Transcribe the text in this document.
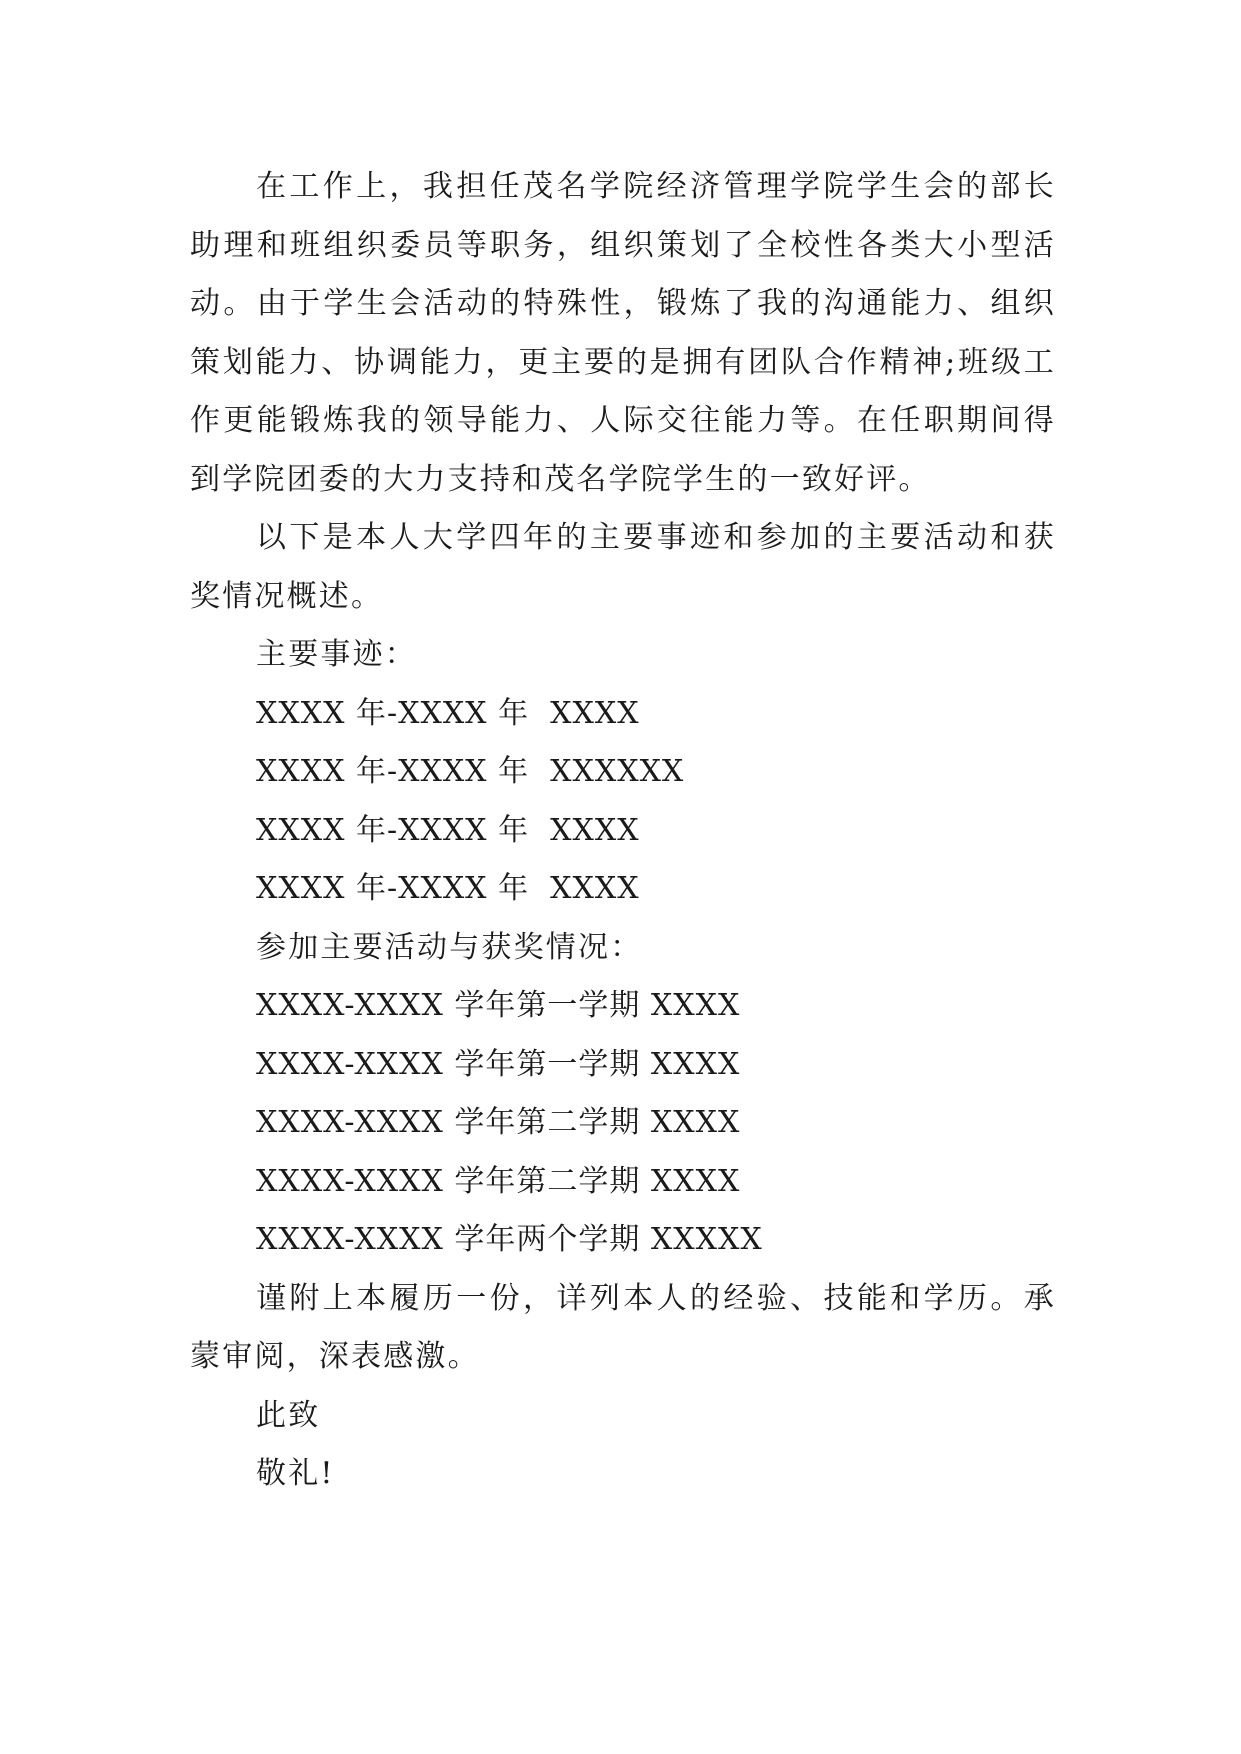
在工作上，我担任茂名学院经济管理学院学生会的部长助理和班组织委员等职务，组织策划了全校性各类大小型活动。由于学生会活动的特殊性，锻炼了我的沟通能力、组织策划能力、协调能力，更主要的是拥有团队合作精神;班级工作更能锻炼我的领导能力、人际交往能力等。在任职期间得到学院团委的大力支持和茂名学院学生的一致好评。

以下是本人大学四年的主要事迹和参加的主要活动和获奖情况概述。

主要事迹：

XXXX 年-XXXX 年  XXXX

XXXX 年-XXXX 年  XXXXXX

XXXX 年-XXXX 年  XXXX

XXXX 年-XXXX 年  XXXX

参加主要活动与获奖情况：

XXXX-XXXX 学年第一学期 XXXX

XXXX-XXXX 学年第一学期 XXXX

XXXX-XXXX 学年第二学期 XXXX

XXXX-XXXX 学年第二学期 XXXX

XXXX-XXXX 学年两个学期 XXXXX

谨附上本履历一份，详列本人的经验、技能和学历。承蒙审阅，深表感激。

此致

敬礼!
